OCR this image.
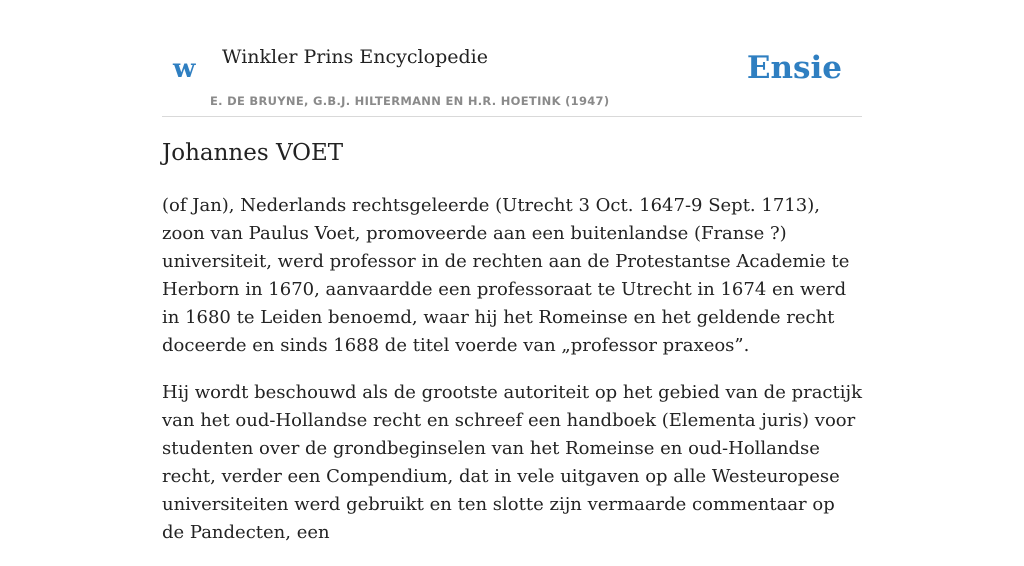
w Winkler Prins Encyclopedie
E. DE BRUYNE, G.B.J. HILTERMANN EN H.R. HOETINK (1947)
Ensie
Johannes VOET

(of Jan), Nederlands rechtsgeleerde (Utrecht 3 Oct. 1647-9 Sept. 1713), zoon van Paulus Voet, promoveerde aan een buitenlandse (Franse ?) universiteit, werd professor in de rechten aan de Protestantse Academie te Herborn in 1670, aanvaardde een professoraat te Utrecht in 1674 en werd in 1680 te Leiden benoemd, waar hij het Romeinse en het geldende recht doceerde en sinds 1688 de titel voerde van „professor praxeos”.

Hij wordt beschouwd als de grootste autoriteit op het gebied van de practijk van het oud-Hollandse recht en schreef een handboek (Elementa juris) voor studenten over de grondbeginselen van het Romeinse en oud-Hollandse recht, verder een Compendium, dat in vele uitgaven op alle Westeuropese universiteiten werd gebruikt en ten slotte zijn vermaarde commentaar op de Pandecten, een
